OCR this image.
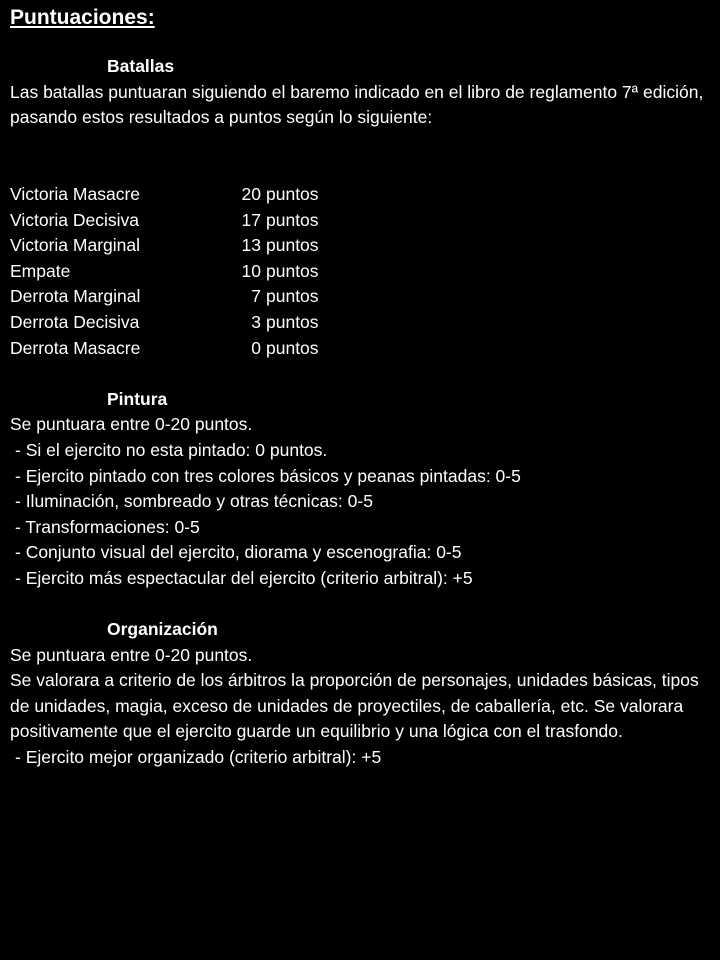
Puntuaciones:
Batallas

Las batallas puntuaran siguiendo el baremo indicado en el libro de reglamento 7ª edición, pasando estos resultados a puntos según lo siguiente:

Victoria Masacre	20 puntos
Victoria Decisiva	17 puntos
Victoria Marginal	13 puntos
Empate	10 puntos
Derrota Marginal	7 puntos
Derrota Decisiva	3 puntos
Derrota Masacre	0 puntos
Pintura

Se puntuara entre 0-20 puntos.

- Si el ejercito no esta pintado: 0 puntos.
- Ejercito pintado con tres colores básicos y peanas pintadas: 0-5
- Iluminación, sombreado y otras técnicas: 0-5
- Transformaciones: 0-5
- Conjunto visual del ejercito, diorama y escenografia: 0-5
- Ejercito más espectacular del ejercito (criterio arbitral): +5
Organización

Se puntuara entre 0-20 puntos.

Se valorara a criterio de los árbitros la proporción de personajes, unidades básicas, tipos de unidades, magia, exceso de unidades de proyectiles, de caballería, etc. Se valorara positivamente que el ejercito guarde un equilibrio y una lógica con el trasfondo.

- Ejercito mejor organizado (criterio arbitral): +5
